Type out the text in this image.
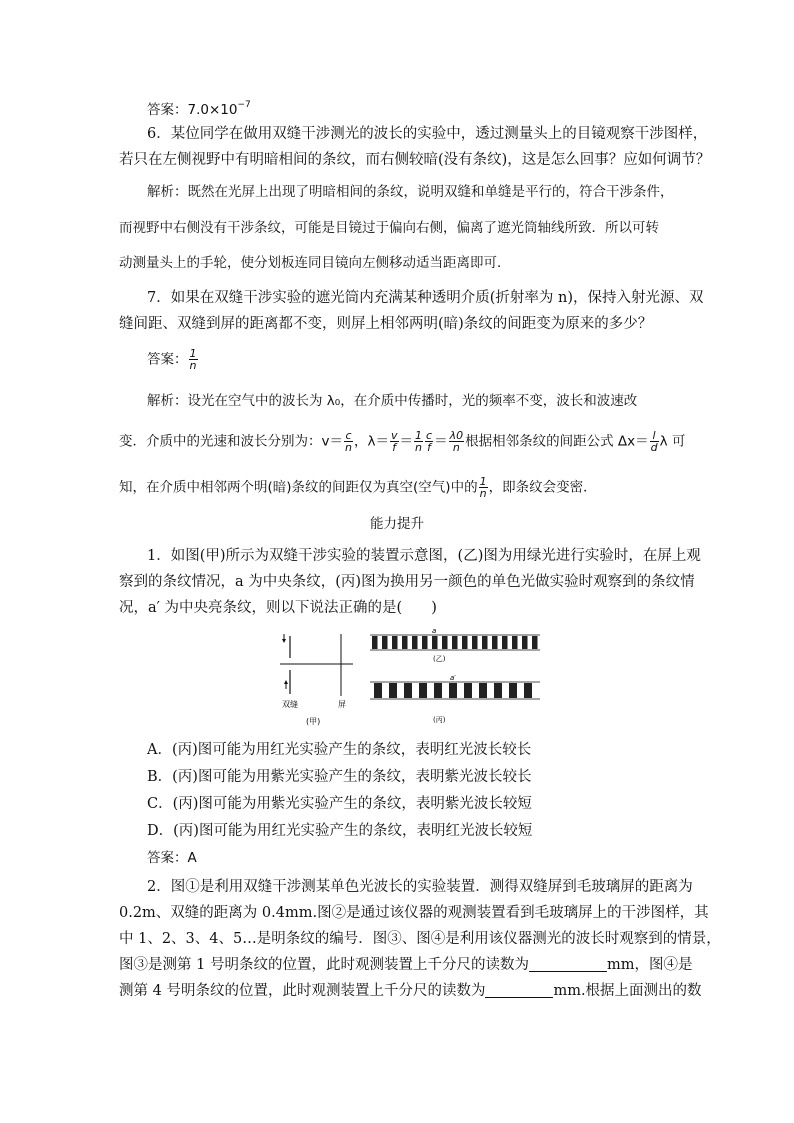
答案：$7.0\times 10^{-7}$
6．某位同学在做用双缝干涉测光的波长的实验中，透过测量头上的目镜观察干涉图样，
若只在左侧视野中有明暗相间的条纹，而右侧较暗(没有条纹)，这是怎么回事？应如何调节？
解析：既然在光屏上出现了明暗相间的条纹，说明双缝和单缝是平行的，符合干涉条件，
而视野中右侧没有干涉条纹，可能是目镜过于偏向右侧，偏离了遮光筒轴线所致．所以可转
动测量头上的手轮，使分划板连同目镜向左侧移动适当距离即可．
7．如果在双缝干涉实验的遮光筒内充满某种透明介质(折射率为 n)，保持入射光源、双
缝间距、双缝到屏的距离都不变，则屏上相邻两明(暗)条纹的间距变为原来的多少？
答案： $\frac{1}{n}$
解析：设光在空气中的波长为 λ₀，在介质中传播时，光的频率不变，波长和波速改
变．介质中的光速和波长分别为：$v= \frac{c}{n}$ ，$\lambda= \frac{v}{f} = \frac{1}{n} \frac{c}{f} = \frac{\lambda 0}{n}$ 根据相邻条纹的间距公式 $\Delta x= \frac{l}{d}$ λ 可
知，在介质中相邻两个明(暗)条纹的间距仅为真空(空气)中的 $\frac{1}{n}$ ，即条纹会变密．
能力提升
1．如图(甲)所示为双缝干涉实验的装置示意图，(乙)图为用绿光进行实验时，在屏上观
察到的条纹情况，a 为中央条纹，(丙)图为换用另一颜色的单色光做实验时观察到的条纹情
况，a′ 为中央亮条纹，则以下说法正确的是(　　)
双缝	屏
(甲)
a
(乙)
a′
(丙)
A．(丙)图可能为用红光实验产生的条纹，表明红光波长较长
B．(丙)图可能为用紫光实验产生的条纹，表明紫光波长较长
C．(丙)图可能为用紫光实验产生的条纹，表明紫光波长较短
D．(丙)图可能为用红光实验产生的条纹，表明红光波长较短
答案：A
2．图①是利用双缝干涉测某单色光波长的实验装置．测得双缝屏到毛玻璃屏的距离为
0.2m、双缝的距离为 0.4mm.图②是通过该仪器的观测装置看到毛玻璃屏上的干涉图样，其
中 1、2、3、4、5…是明条纹的编号．图③、图④是利用该仪器测光的波长时观察到的情景，
图③是测第 1 号明条纹的位置，此时观测装置上千分尺的读数为	mm，图④是
测第 4 号明条纹的位置，此时观测装置上千分尺的读数为	mm.根据上面测出的数
